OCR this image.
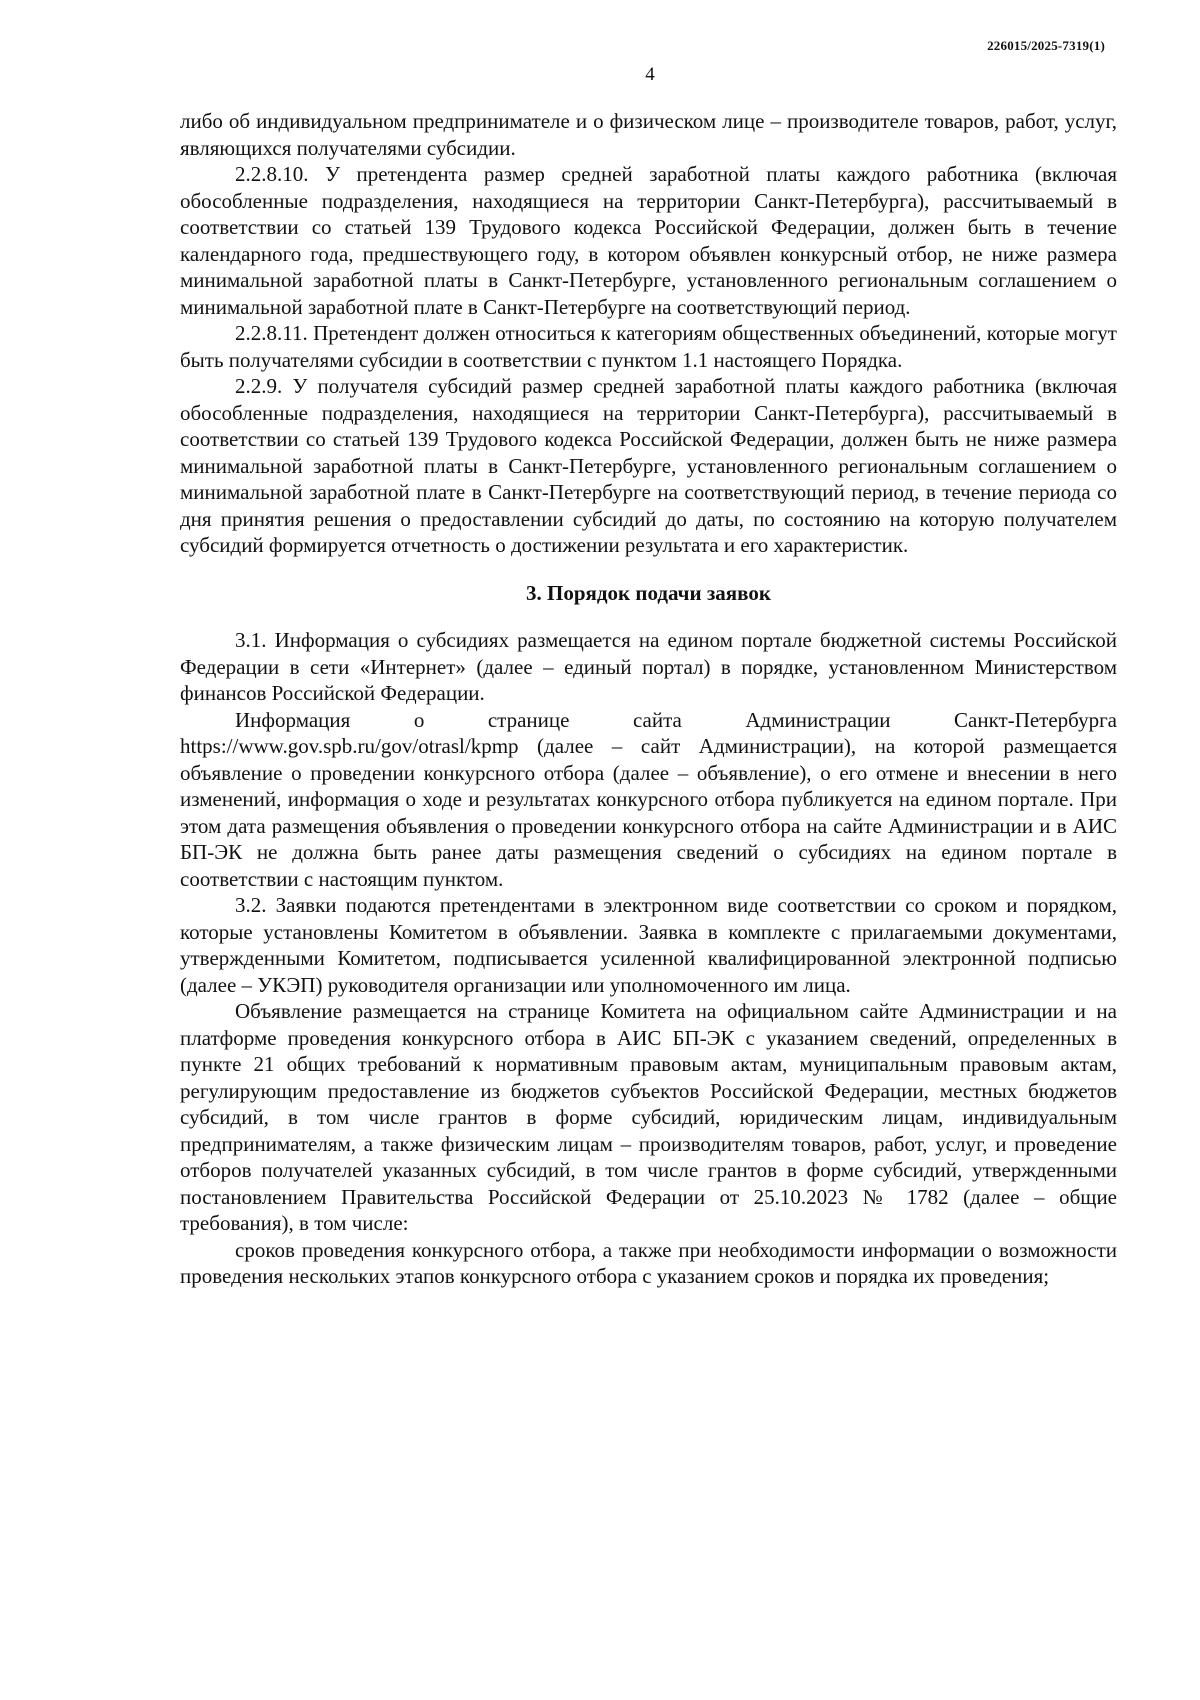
226015/2025-7319(1)
4

либо об индивидуальном предпринимателе и о физическом лице – производителе товаров, работ, услуг, являющихся получателями субсидии.

2.2.8.10. У претендента размер средней заработной платы каждого работника (включая обособленные подразделения, находящиеся на территории Санкт-Петербурга), рассчитываемый в соответствии со статьей 139 Трудового кодекса Российской Федерации, должен быть в течение календарного года, предшествующего году, в котором объявлен конкурсный отбор, не ниже размера минимальной заработной платы в Санкт-Петербурге, установленного региональным соглашением о минимальной заработной плате в Санкт-Петербурге на соответствующий период.

2.2.8.11. Претендент должен относиться к категориям общественных объединений, которые могут быть получателями субсидии в соответствии с пунктом 1.1 настоящего Порядка.

2.2.9. У получателя субсидий размер средней заработной платы каждого работника (включая обособленные подразделения, находящиеся на территории Санкт-Петербурга), рассчитываемый в соответствии со статьей 139 Трудового кодекса Российской Федерации, должен быть не ниже размера минимальной заработной платы в Санкт-Петербурге, установленного региональным соглашением о минимальной заработной плате в Санкт-Петербурге на соответствующий период, в течение периода со дня принятия решения о предоставлении субсидий до даты, по состоянию на которую получателем субсидий формируется отчетность о достижении результата и его характеристик.

3. Порядок подачи заявок

3.1. Информация о субсидиях размещается на едином портале бюджетной системы Российской Федерации в сети «Интернет» (далее – единый портал) в порядке, установленном Министерством финансов Российской Федерации.

Информация о странице сайта Администрации Санкт-Петербурга https://www.gov.spb.ru/gov/otrasl/kpmp (далее – сайт Администрации), на которой размещается объявление о проведении конкурсного отбора (далее – объявление), о его отмене и внесении в него изменений, информация о ходе и результатах конкурсного отбора публикуется на едином портале. При этом дата размещения объявления о проведении конкурсного отбора на сайте Администрации и в АИС БП-ЭК не должна быть ранее даты размещения сведений о субсидиях на едином портале в соответствии с настоящим пунктом.

3.2. Заявки подаются претендентами в электронном виде соответствии со сроком и порядком, которые установлены Комитетом в объявлении. Заявка в комплекте с прилагаемыми документами, утвержденными Комитетом, подписывается усиленной квалифицированной электронной подписью (далее – УКЭП) руководителя организации или уполномоченного им лица.

Объявление размещается на странице Комитета на официальном сайте Администрации и на платформе проведения конкурсного отбора в АИС БП-ЭК с указанием сведений, определенных в пункте 21 общих требований к нормативным правовым актам, муниципальным правовым актам, регулирующим предоставление из бюджетов субъектов Российской Федерации, местных бюджетов субсидий, в том числе грантов в форме субсидий, юридическим лицам, индивидуальным предпринимателям, а также физическим лицам – производителям товаров, работ, услуг, и проведение отборов получателей указанных субсидий, в том числе грантов в форме субсидий, утвержденными постановлением Правительства Российской Федерации от 25.10.2023 № 1782 (далее – общие требования), в том числе:

сроков проведения конкурсного отбора, а также при необходимости информации о возможности проведения нескольких этапов конкурсного отбора с указанием сроков и порядка их проведения;
